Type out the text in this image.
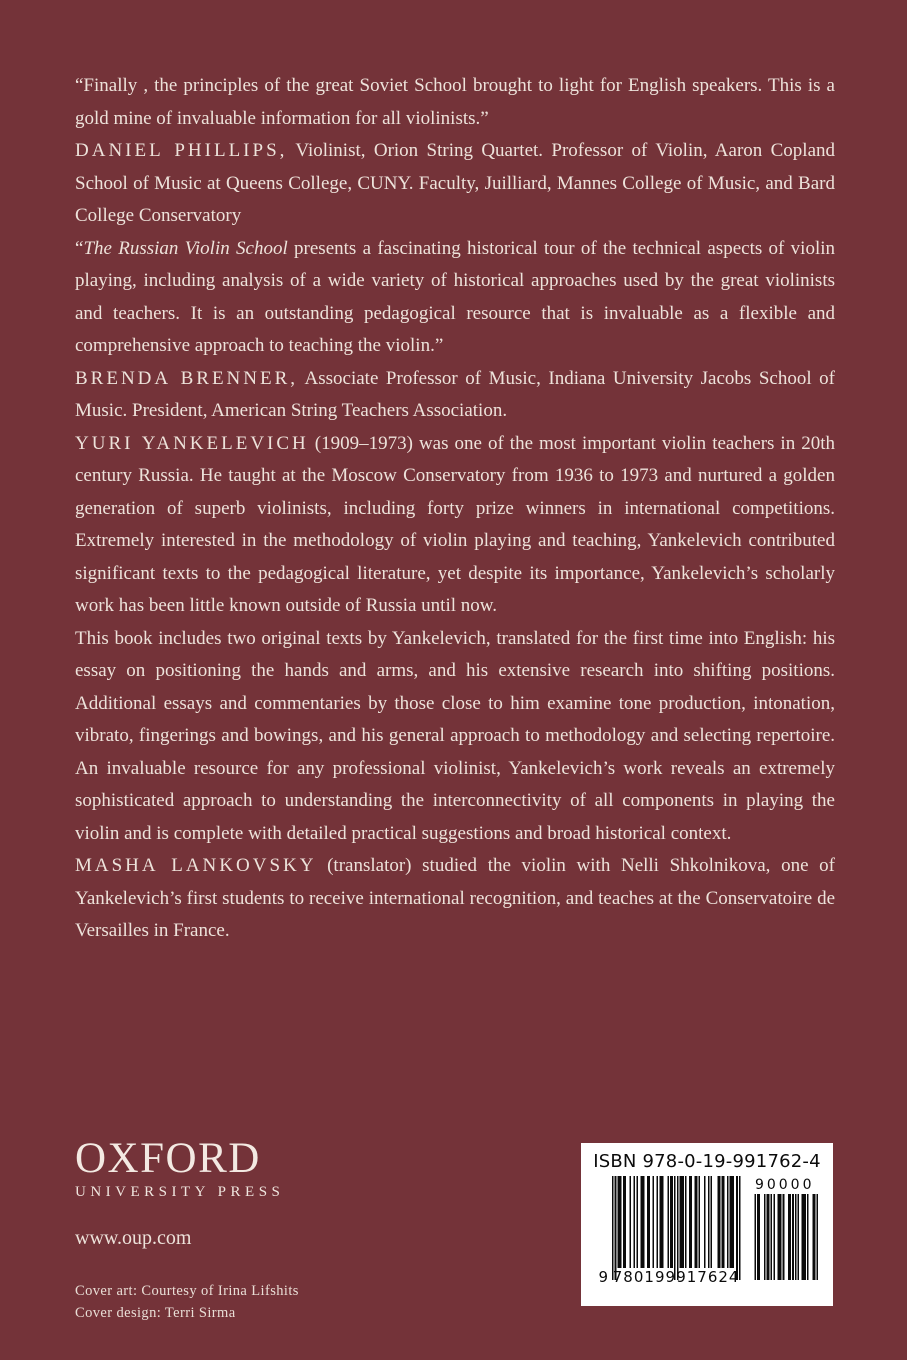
“Finally , the principles of the great Soviet School brought to light for English speakers. This is a gold mine of invaluable information for all violinists.”

DANIEL PHILLIPS, Violinist, Orion String Quartet. Professor of Violin, Aaron Copland School of Music at Queens College, CUNY. Faculty, Juilliard, Mannes College of Music, and Bard College Conservatory

“The Russian Violin School presents a fascinating historical tour of the technical aspects of violin playing, including analysis of a wide variety of historical approaches used by the great violinists and teachers. It is an outstanding pedagogical resource that is invaluable as a flexible and comprehensive approach to teaching the violin.”

BRENDA BRENNER, Associate Professor of Music, Indiana University Jacobs School of Music. President, American String Teachers Association.

YURI YANKELEVICH (1909–1973) was one of the most important violin teachers in 20th century Russia. He taught at the Moscow Conservatory from 1936 to 1973 and nurtured a golden generation of superb violinists, including forty prize winners in international competitions. Extremely interested in the methodology of violin playing and teaching, Yankelevich contributed significant texts to the pedagogical literature, yet despite its importance, Yankelevich’s scholarly work has been little known outside of Russia until now.

This book includes two original texts by Yankelevich, translated for the first time into English: his essay on positioning the hands and arms, and his extensive research into shifting positions. Additional essays and commentaries by those close to him examine tone production, intonation, vibrato, fingerings and bowings, and his general approach to methodology and selecting repertoire. An invaluable resource for any professional violinist, Yankelevich’s work reveals an extremely sophisticated approach to understanding the interconnectivity of all components in playing the violin and is complete with detailed practical suggestions and broad historical context.

MASHA LANKOVSKY (translator) studied the violin with Nelli Shkolnikova, one of Yankelevich’s first students to receive international recognition, and teaches at the Conservatoire de Versailles in France.

OXFORD
UNIVERSITY PRESS
www.oup.com
Cover art: Courtesy of Irina Lifshits
Cover design: Terri Sirma
ISBN 978-0-19-991762-4
9 780199 917624
90000
